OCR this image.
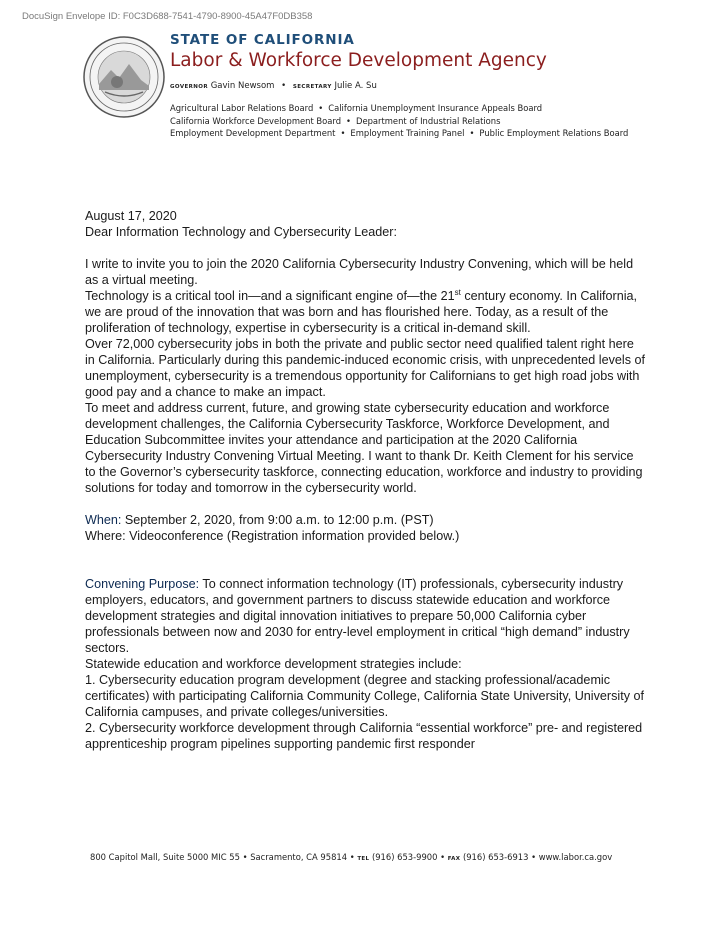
DocuSign Envelope ID: F0C3D688-7541-4790-8900-45A47F0DB358
STATE OF CALIFORNIA
Labor & Workforce Development Agency
GOVERNOR Gavin Newsom • SECRETARY Julie A. Su
Agricultural Labor Relations Board • California Unemployment Insurance Appeals Board
California Workforce Development Board • Department of Industrial Relations
Employment Development Department • Employment Training Panel • Public Employment Relations Board

August 17, 2020

Dear Information Technology and Cybersecurity Leader:

I write to invite you to join the 2020 California Cybersecurity Industry Convening, which will be held as a virtual meeting.

Technology is a critical tool in—and a significant engine of—the 21st century economy. In California, we are proud of the innovation that was born and has flourished here. Today, as a result of the proliferation of technology, expertise in cybersecurity is a critical in-demand skill.

Over 72,000 cybersecurity jobs in both the private and public sector need qualified talent right here in California. Particularly during this pandemic-induced economic crisis, with unprecedented levels of unemployment, cybersecurity is a tremendous opportunity for Californians to get high road jobs with good pay and a chance to make an impact.

To meet and address current, future, and growing state cybersecurity education and workforce development challenges, the California Cybersecurity Taskforce, Workforce Development, and Education Subcommittee invites your attendance and participation at the 2020 California Cybersecurity Industry Convening Virtual Meeting. I want to thank Dr. Keith Clement for his service to the Governor’s cybersecurity taskforce, connecting education, workforce and industry to providing solutions for today and tomorrow in the cybersecurity world.

When: September 2, 2020, from 9:00 a.m. to 12:00 p.m. (PST)

Where: Videoconference (Registration information provided below.)

Convening Purpose: To connect information technology (IT) professionals, cybersecurity industry employers, educators, and government partners to discuss statewide education and workforce development strategies and digital innovation initiatives to prepare 50,000 California cyber professionals between now and 2030 for entry-level employment in critical “high demand” industry sectors.

Statewide education and workforce development strategies include:

1. Cybersecurity education program development (degree and stacking professional/academic certificates) with participating California Community College, California State University, University of California campuses, and private colleges/universities.

2. Cybersecurity workforce development through California “essential workforce” pre- and registered apprenticeship program pipelines supporting pandemic first responder

800 Capitol Mall, Suite 5000 MIC 55 • Sacramento, CA 95814 • TEL (916) 653-9900 • FAX (916) 653-6913 • www.labor.ca.gov
